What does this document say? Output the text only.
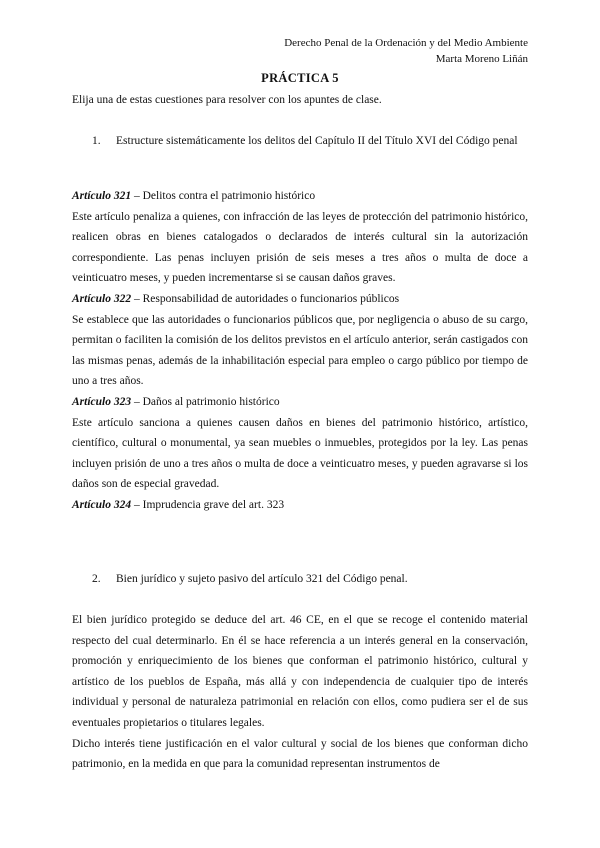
Derecho Penal de la Ordenación y del Medio Ambiente
Marta Moreno Liñán
PRÁCTICA 5
Elija una de estas cuestiones para resolver con los apuntes de clase.
1.	Estructure sistemáticamente los delitos del Capítulo II del Título XVI del Código penal
Artículo 321 – Delitos contra el patrimonio histórico

Este artículo penaliza a quienes, con infracción de las leyes de protección del patrimonio histórico, realicen obras en bienes catalogados o declarados de interés cultural sin la autorización correspondiente. Las penas incluyen prisión de seis meses a tres años o multa de doce a veinticuatro meses, y pueden incrementarse si se causan daños graves.

Artículo 322 – Responsabilidad de autoridades o funcionarios públicos

Se establece que las autoridades o funcionarios públicos que, por negligencia o abuso de su cargo, permitan o faciliten la comisión de los delitos previstos en el artículo anterior, serán castigados con las mismas penas, además de la inhabilitación especial para empleo o cargo público por tiempo de uno a tres años.

Artículo 323 – Daños al patrimonio histórico

Este artículo sanciona a quienes causen daños en bienes del patrimonio histórico, artístico, científico, cultural o monumental, ya sean muebles o inmuebles, protegidos por la ley. Las penas incluyen prisión de uno a tres años o multa de doce a veinticuatro meses, y pueden agravarse si los daños son de especial gravedad.

Artículo 324 – Imprudencia grave del art. 323
2.	Bien jurídico y sujeto pasivo del artículo 321 del Código penal.

El bien jurídico protegido se deduce del art. 46 CE, en el que se recoge el contenido material respecto del cual determinarlo. En él se hace referencia a un interés general en la conservación, promoción y enriquecimiento de los bienes que conforman el patrimonio histórico, cultural y artístico de los pueblos de España, más allá y con independencia de cualquier tipo de interés individual y personal de naturaleza patrimonial en relación con ellos, como pudiera ser el de sus eventuales propietarios o titulares legales.

Dicho interés tiene justificación en el valor cultural y social de los bienes que conforman dicho patrimonio, en la medida en que para la comunidad representan instrumentos de
